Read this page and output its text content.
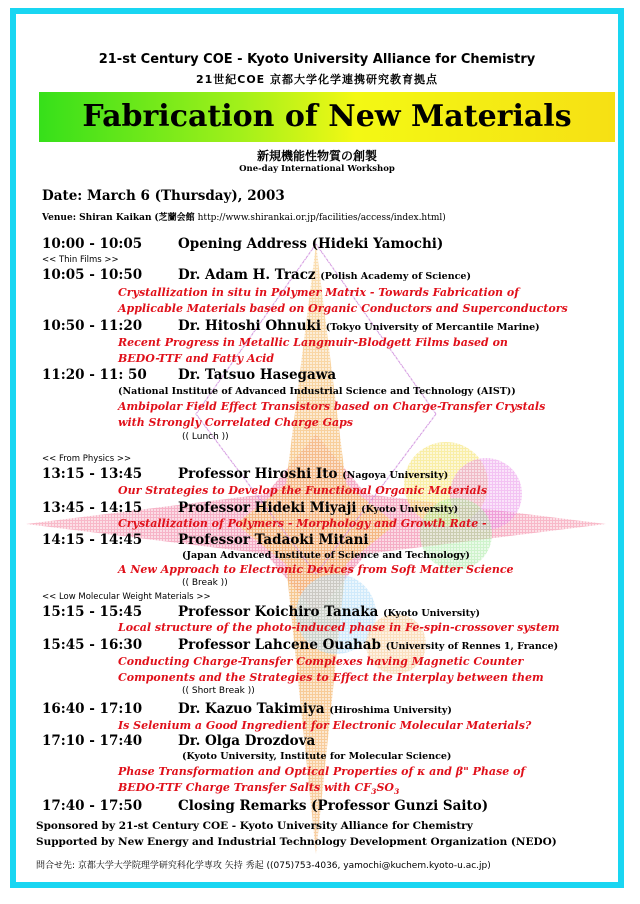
21-st Century COE - Kyoto University Alliance for Chemistry
21世紀COE 京都大学化学連携研究教育拠点
Fabrication of New Materials
新規機能性物質の創製
One-day International Workshop
Date: March 6 (Thursday), 2003
Venue: Shiran Kaikan (芝蘭会館 http://www.shirankai.or.jp/facilities/access/index.html)
10:00 - 10:05	Opening Address (Hideki Yamochi)
<< Thin Films >>
10:05 - 10:50	Dr. Adam H. Tracz (Polish Academy of Science)
Crystallization in situ in Polymer Matrix - Towards Fabrication of
Applicable Materials based on Organic Conductors and Superconductors
10:50 - 11:20	Dr. Hitoshi Ohnuki (Tokyo University of Mercantile Marine)
Recent Progress in Metallic Langmuir-Blodgett Films based on
BEDO-TTF and Fatty Acid
11:20 - 11: 50 Dr. Tatsuo Hasegawa
(National Institute of Advanced Industrial Science and Technology (AIST))
Ambipolar Field Effect Transistors based on Charge-Transfer Crystals
with Strongly Correlated Charge Gaps
(( Lunch ))
<< From Physics >>
13:15 - 13:45	Professor Hiroshi Ito (Nagoya University)
Our Strategies to Develop the Functional Organic Materials
13:45 - 14:15	Professor Hideki Miyaji (Kyoto University)
Crystallization of Polymers - Morphology and Growth Rate -
14:15 - 14:45	Professor Tadaoki Mitani
(Japan Advanced Institute of Science and Technology)
A New Approach to Electronic Devices from Soft Matter Science
(( Break ))
<< Low Molecular Weight Materials >>
15:15 - 15:45	Professor Koichiro Tanaka (Kyoto University)
Local structure of the photo-induced phase in Fe-spin-crossover system
15:45 - 16:30	Professor Lahcene Ouahab (University of Rennes 1, France)
Conducting Charge-Transfer Complexes having Magnetic Counter
Components and the Strategies to Effect the Interplay between them
(( Short Break ))
16:40 - 17:10	Dr. Kazuo Takimiya (Hiroshima University)
Is Selenium a Good Ingredient for Electronic Molecular Materials?
17:10 - 17:40	Dr. Olga Drozdova
(Kyoto University, Institute for Molecular Science)
Phase Transformation and Optical Properties of κ and β" Phase of
BEDO-TTF Charge Transfer Salts with $CF_3SO_3$
17:40 - 17:50	Closing Remarks (Professor Gunzi Saito)
Sponsored by 21-st Century COE - Kyoto University Alliance for Chemistry
Supported by New Energy and Industrial Technology Development Organization (NEDO)
問合せ先: 京都大学大学院理学研究科化学専攻 矢持 秀起 ((075)753-4036, yamochi@kuchem.kyoto-u.ac.jp)
